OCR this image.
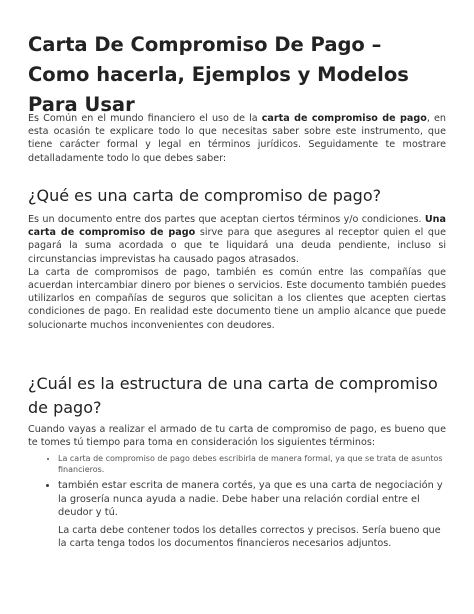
Carta De Compromiso De Pago – Como hacerla, Ejemplos y Modelos Para Usar

Es Común en el mundo financiero el uso de la carta de compromiso de pago, en esta ocasión te explicare todo lo que necesitas saber sobre este instrumento, que tiene carácter formal y legal en términos jurídicos. Seguidamente te mostrare detalladamente todo lo que debes saber:

¿Qué es una carta de compromiso de pago?

Es un documento entre dos partes que aceptan ciertos términos y/o condiciones. Una carta de compromiso de pago sirve para que asegures al receptor quien el que pagará la suma acordada o que te liquidará una deuda pendiente, incluso si circunstancias imprevistas ha causado pagos atrasados.

La carta de compromisos de pago, también es común entre las compañías que acuerdan intercambiar dinero por bienes o servicios. Este documento también puedes utilizarlos en compañías de seguros que solicitan a los clientes que acepten ciertas condiciones de pago. En realidad este documento tiene un amplio alcance que puede solucionarte muchos inconvenientes con deudores.

¿Cuál es la estructura de una carta de compromiso de pago?

Cuando vayas a realizar el armado de tu carta de compromiso de pago, es bueno que te tomes tú tiempo para toma en consideración los siguientes términos:

• La carta de compromiso de pago debes escribirla de manera formal, ya que se trata de asuntos financieros.
• también estar escrita de manera cortés, ya que es una carta de negociación y la grosería nunca ayuda a nadie. Debe haber una relación cordial entre el deudor y tú.
La carta debe contener todos los detalles correctos y precisos. Sería bueno que la carta tenga todos los documentos financieros necesarios adjuntos.
